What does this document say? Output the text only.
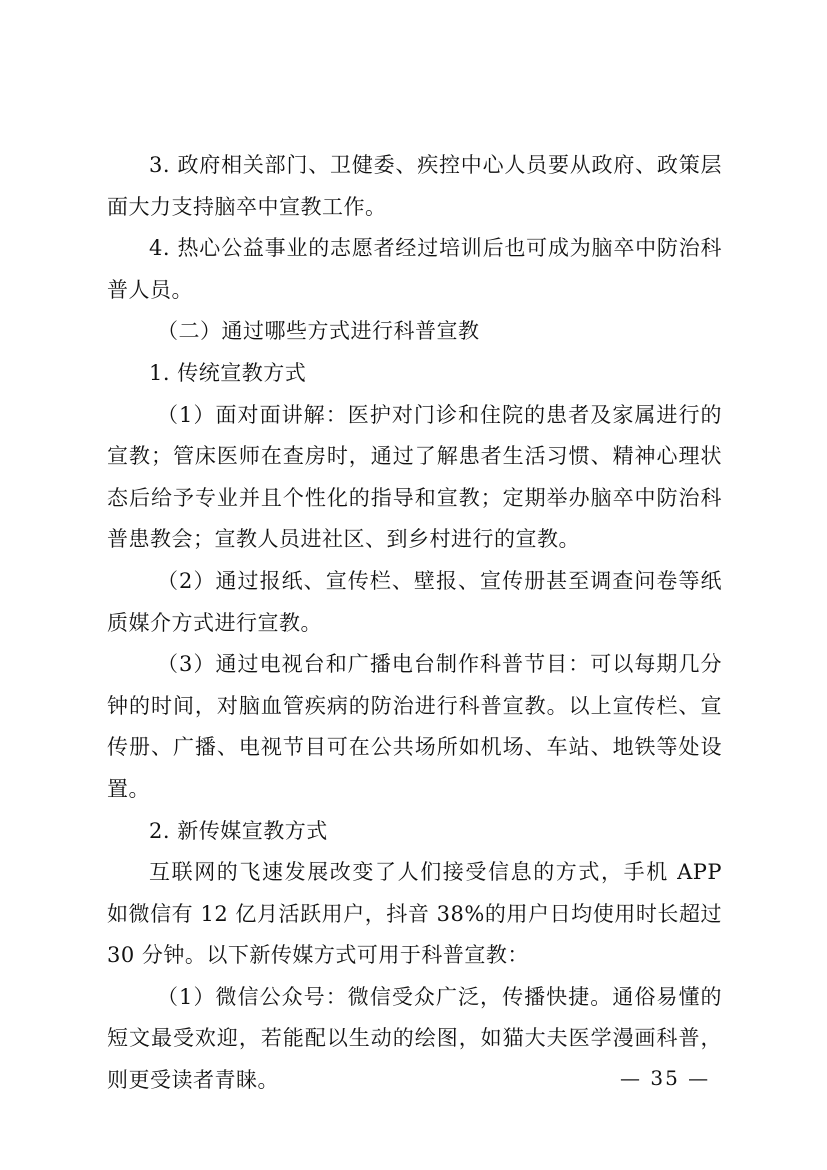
3. 政府相关部门、卫健委、疾控中心人员要从政府、政策层面大力支持脑卒中宣教工作。

4. 热心公益事业的志愿者经过培训后也可成为脑卒中防治科普人员。

（二）通过哪些方式进行科普宣教

1. 传统宣教方式

（1）面对面讲解：医护对门诊和住院的患者及家属进行的宣教；管床医师在查房时，通过了解患者生活习惯、精神心理状态后给予专业并且个性化的指导和宣教；定期举办脑卒中防治科普患教会；宣教人员进社区、到乡村进行的宣教。

（2）通过报纸、宣传栏、壁报、宣传册甚至调查问卷等纸质媒介方式进行宣教。

（3）通过电视台和广播电台制作科普节目：可以每期几分钟的时间，对脑血管疾病的防治进行科普宣教。以上宣传栏、宣传册、广播、电视节目可在公共场所如机场、车站、地铁等处设置。

2. 新传媒宣教方式

互联网的飞速发展改变了人们接受信息的方式，手机 APP 如微信有 12 亿月活跃用户，抖音 38%的用户日均使用时长超过 30 分钟。以下新传媒方式可用于科普宣教：

（1）微信公众号：微信受众广泛，传播快捷。通俗易懂的短文最受欢迎，若能配以生动的绘图，如猫大夫医学漫画科普，则更受读者青睐。	— 35 —
